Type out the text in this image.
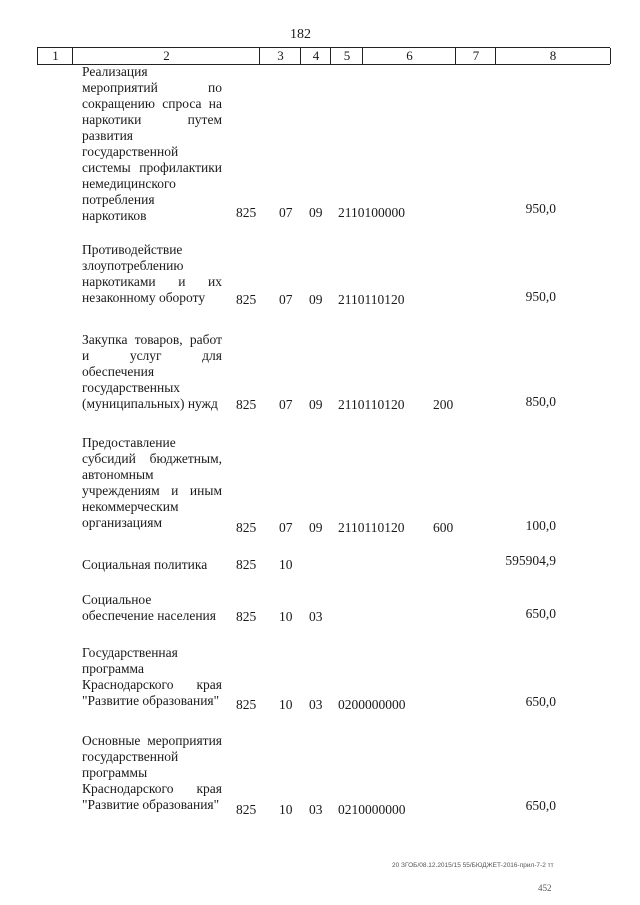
182
1	2	3	4	5	6	7	8
Реализация мероприятий по сокращению спроса на наркотики путем развития государственной системы профилактики немедицинского потребления наркотиков	825 07 09 2110100000	950,0
Противодействие злоупотреблению наркотиками и их незаконному обороту	825 07 09 2110110120	950,0
Закупка товаров, работ и услуг для обеспечения государственных (муниципальных) нужд	825 07 09 2110110120 200	850,0
Предоставление субсидий бюджетным, автономным учреждениям и иным некоммерческим организациям	825 07 09 2110110120 600	100,0
Социальная политика	825 10	595904,9
Социальное обеспечение населения	825 10 03	650,0
Государственная программа Краснодарского края "Развитие образования" 825 10 03 0200000000	650,0
Основные мероприятия государственной программы Краснодарского края "Развитие образования" 825 10 03 0210000000	650,0
20 ЗГОБ/08.12.2015/15 55/БЮДЖЕТ-2016-прил-7-2 тт
452
